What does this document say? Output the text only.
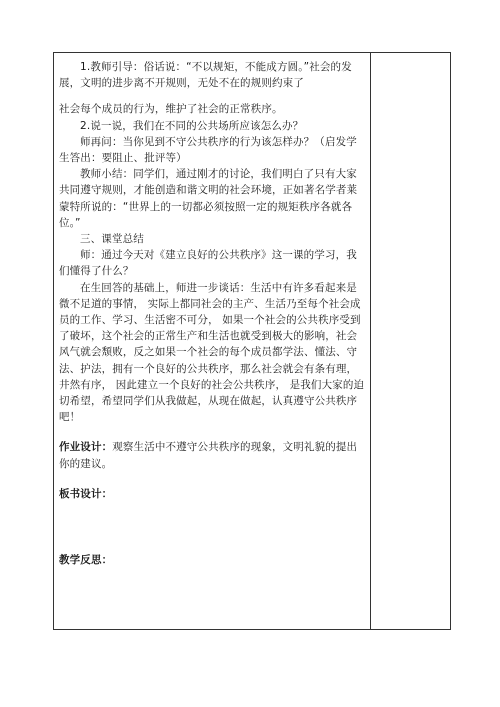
1.教师引导：俗话说：“不以规矩，不能成方圆。”社会的发展，文明的进步离不开规则，无处不在的规则约束了

社会每个成员的行为，维护了社会的正常秩序。

2.说一说，我们在不同的公共场所应该怎么办？

师再问：当你见到不守公共秩序的行为该怎样办？（启发学生答出：要阻止、批评等）

教师小结：同学们，通过刚才的讨论，我们明白了只有大家共同遵守规则，才能创造和谐文明的社会环境，正如著名学者莱蒙特所说的：“世界上的一切都必须按照一定的规矩秩序各就各位。”

三、课堂总结

师：通过今天对《建立良好的公共秩序》这一课的学习，我们懂得了什么？

在生回答的基础上，师进一步谈话：生活中有许多看起来是微不足道的事情， 实际上都同社会的主产、生活乃至每个社会成员的工作、学习、生活密不可分， 如果一个社会的公共秩序受到了破坏，这个社会的正常生产和生活也就受到极大的影响，社会风气就会颓败，反之如果一个社会的每个成员都学法、懂法、守法、护法，拥有一个良好的公共秩序，那么社会就会有条有理，井然有序， 因此建立一个良好的社会公共秩序， 是我们大家的迫切希望，希望同学们从我做起，从现在做起，认真遵守公共秩序吧！

作业设计：观察生活中不遵守公共秩序的现象，文明礼貌的提出你的建议。

板书设计：

教学反思：
